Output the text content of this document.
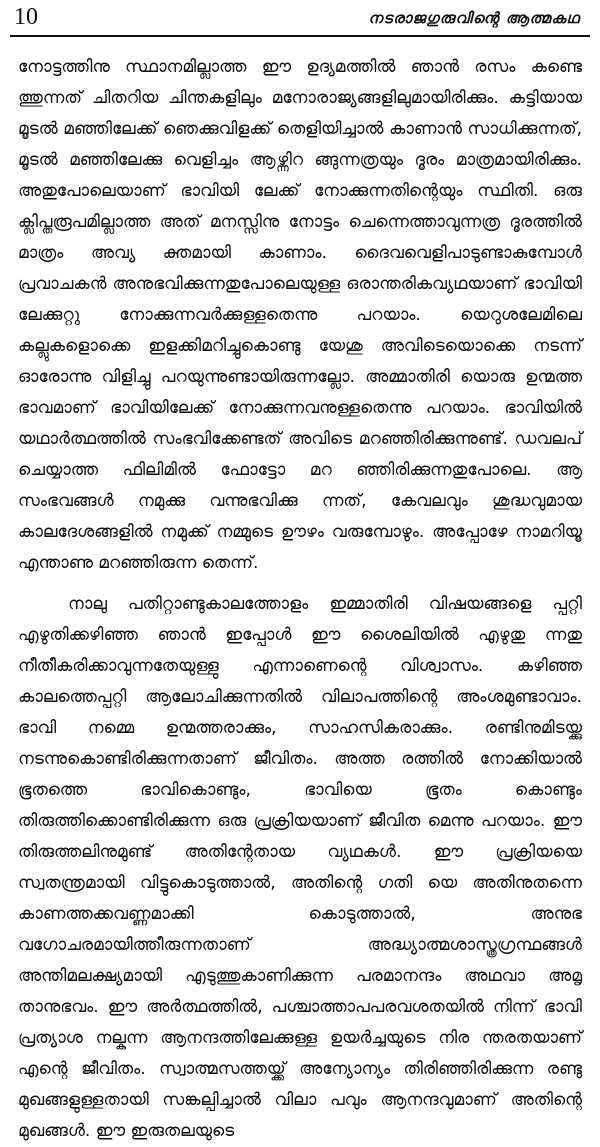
10	നടരാജഗുരുവിന്റെ ആത്മകഥ

നോട്ടത്തിനു സ്ഥാനമില്ലാത്ത ഈ ഉദ്യമത്തിൽ ഞാൻ രസം കണ്ടെ ത്തുന്നത് ചിതറിയ ചിന്തകളിലും മനോരാജ്യങ്ങളിലുമായിരിക്കും. കട്ടിയായ മൂടൽ മഞ്ഞിലേക്ക് ഞെക്കുവിളക്ക് തെളിയിച്ചാൽ കാണാൻ സാധിക്കുന്നത്, മൂടൽ മഞ്ഞിലേക്കു വെളിച്ചം ആഴ്ന്നിറ ങ്ങുന്നത്രയും ദൂരം മാത്രമായിരിക്കും. അതുപോലെയാണ് ഭാവിയി ലേക്ക് നോക്കുന്നതിന്റെയും സ്ഥിതി. ഒരു ക്ലിപ്തരൂപമില്ലാത്ത അത് മനസ്സിനു നോട്ടം ചെന്നെത്താവുന്നത്ര ദൂരത്തിൽ മാത്രം അവ്യ ക്തമായി കാണാം. ദൈവവെളിപാടുണ്ടാകുമ്പോൾ പ്രവാചകൻ അനുഭവിക്കുന്നതുപോലെയുള്ള ഒരാന്തരികവ്യഥയാണ് ഭാവിയി ലേക്കുറ്റു നോക്കുന്നവർക്കുള്ളതെന്നു പറയാം. യെറുശലേമിലെ കല്ലുകളൊക്കെ ഇളക്കിമറിച്ചുകൊണ്ടു യേശു അവിടെയൊക്കെ നടന്ന് ഓരോന്നു വിളിച്ചു പറയുന്നുണ്ടായിരുന്നല്ലോ. അമ്മാതിരി യൊരു ഉന്മത്ത ഭാവമാണ് ഭാവിയിലേക്ക് നോക്കുന്നവനുള്ളതെന്നു പറയാം. ഭാവിയിൽ യഥാർത്ഥത്തിൽ സംഭവിക്കേണ്ടത് അവിടെ മറഞ്ഞിരിക്കുന്നുണ്ട്. ഡവലപ് ചെയ്യാത്ത ഫിലിമിൽ ഫോട്ടോ മറ ഞ്ഞിരിക്കുന്നതുപോലെ. ആ സംഭവങ്ങൾ നമുക്കു വന്നുഭവിക്കു ന്നത്, കേവലവും ശുദ്ധവുമായ കാലദേശങ്ങളിൽ നമുക്ക് നമ്മുടെ ഊഴം വരുമ്പോഴും. അപ്പോഴേ നാമറിയൂ എന്താണു മറഞ്ഞിരുന്ന തെന്ന്.

നാലു പതിറ്റാണ്ടുകാലത്തോളം ഇമ്മാതിരി വിഷയങ്ങളെ പ്പറ്റി എഴുതിക്കഴിഞ്ഞ ഞാൻ ഇപ്പോൾ ഈ ശൈലിയിൽ എഴുതു ന്നതു നീതീകരിക്കാവുന്നതേയുള്ളു എന്നാണെന്റെ വിശ്വാസം. കഴിഞ്ഞ കാലത്തെപ്പറ്റി ആലോചിക്കുന്നതിൽ വിലാപത്തിന്റെ അംശമുണ്ടാവാം. ഭാവി നമ്മെ ഉന്മത്തരാക്കും, സാഹസികരാക്കും. രണ്ടിനുമിടയ്ക്കു നടന്നുകൊണ്ടിരിക്കുന്നതാണ് ജീവിതം. അത്ത രത്തിൽ നോക്കിയാൽ ഭൂതത്തെ ഭാവികൊണ്ടും, ഭാവിയെ ഭൂതം കൊണ്ടും തിരുത്തിക്കൊണ്ടിരിക്കുന്ന ഒരു പ്രക്രിയയാണ് ജീവിത മെന്നു പറയാം. ഈ തിരുത്തലിനുമുണ്ട് അതിന്റേതായ വ്യഥകൾ. ഈ പ്രക്രിയയെ സ്വതന്ത്രമായി വിട്ടുകൊടുത്താൽ, അതിന്റെ ഗതി യെ അതിനുതന്നെ കാണത്തക്കവണ്ണമാക്കി കൊടുത്താൽ, അനുഭ വഗോചരമായിത്തീരുന്നതാണ് അദ്ധ്യാത്മശാസ്ത്രഗ്രന്ഥങ്ങൾ അന്തിമലക്ഷ്യമായി എടുത്തുകാണിക്കുന്ന പരമാനന്ദം അഥവാ അമൃ താനുഭവം. ഈ അർത്ഥത്തിൽ, പശ്ചാത്താപപരവശതയിൽ നിന്ന് ഭാവി പ്രത്യാശ നല്കുന്ന ആനന്ദത്തിലേക്കുള്ള ഉയർച്ചയുടെ നിര ന്തരതയാണ് എന്റെ ജീവിതം. സ്വാത്മസത്തയ്ക്ക് അന്യോന്യം തിരിഞ്ഞിരിക്കുന്ന രണ്ടു മുഖങ്ങളുള്ളതായി സങ്കല്പിച്ചാൽ വിലാ പവും ആനന്ദവുമാണ് അതിന്റെ മുഖങ്ങൾ. ഈ ഇരുതലയുടെ
